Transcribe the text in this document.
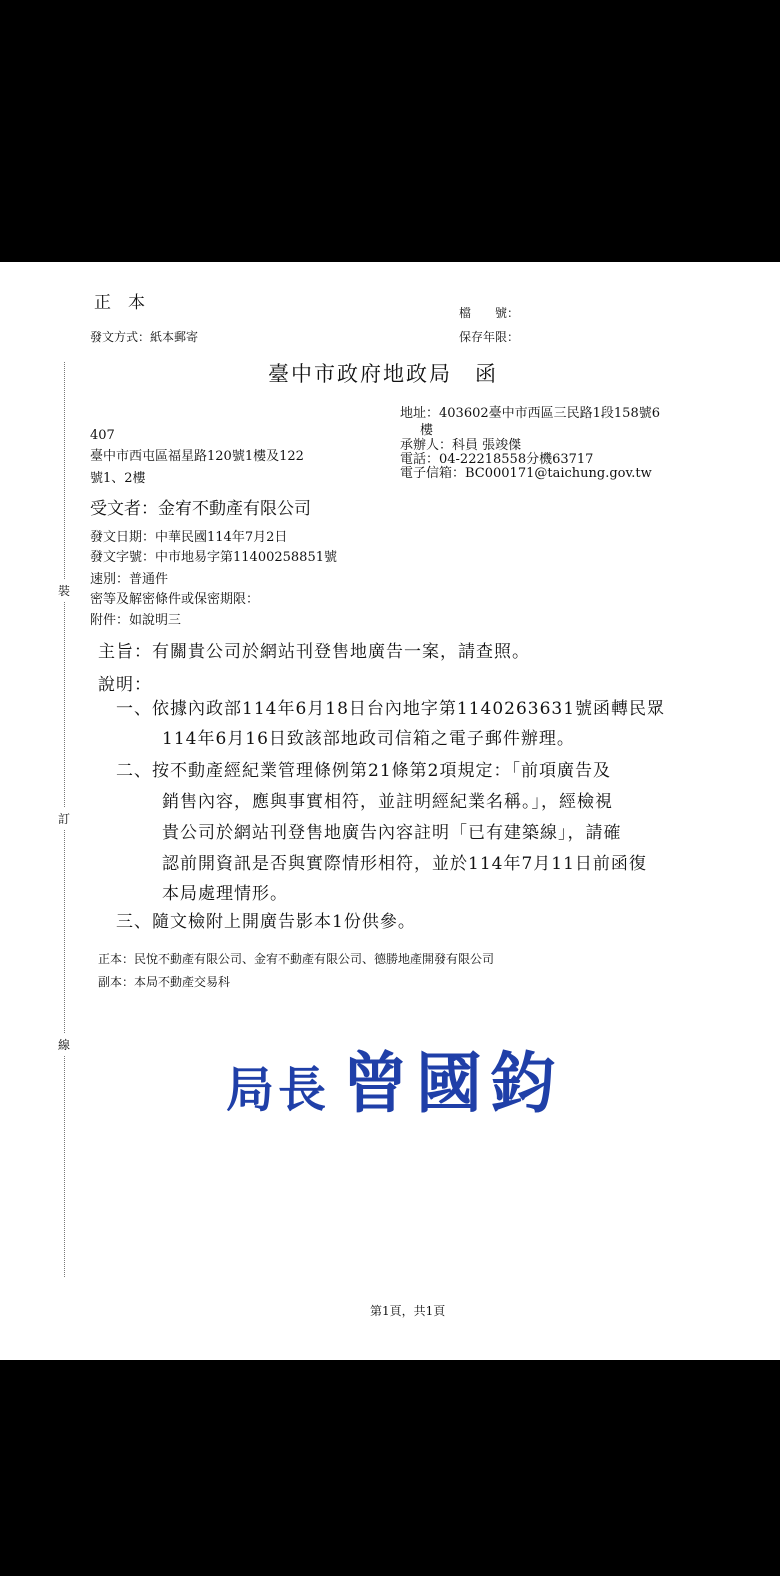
裝
訂
線
正　本	檔　　號：
發文方式：紙本郵寄	保存年限：
臺中市政府地政局　函
地址：403602臺中市西區三民路1段158號6
樓
承辦人：科員 張竣傑
電話：04-22218558分機63717
電子信箱：BC000171@taichung.gov.tw
407
臺中市西屯區福星路120號1樓及122
號1、2樓
受文者：金宥不動產有限公司
發文日期：中華民國114年7月2日
發文字號：中市地易字第11400258851號
速別：普通件
密等及解密條件或保密期限：
附件：如說明三
主旨：有關貴公司於網站刊登售地廣告一案，請查照。
說明：
一、依據內政部114年6月18日台內地字第1140263631號函轉民眾
114年6月16日致該部地政司信箱之電子郵件辦理。
二、按不動產經紀業管理條例第21條第2項規定：「前項廣告及
銷售內容，應與事實相符，並註明經紀業名稱。」，經檢視
貴公司於網站刊登售地廣告內容註明「已有建築線」，請確
認前開資訊是否與實際情形相符，並於114年7月11日前函復
本局處理情形。
三、隨文檢附上開廣告影本1份供參。
正本：民悅不動產有限公司、金宥不動產有限公司、德勝地產開發有限公司
副本：本局不動產交易科
局長 曾國鈞
第1頁，共1頁
